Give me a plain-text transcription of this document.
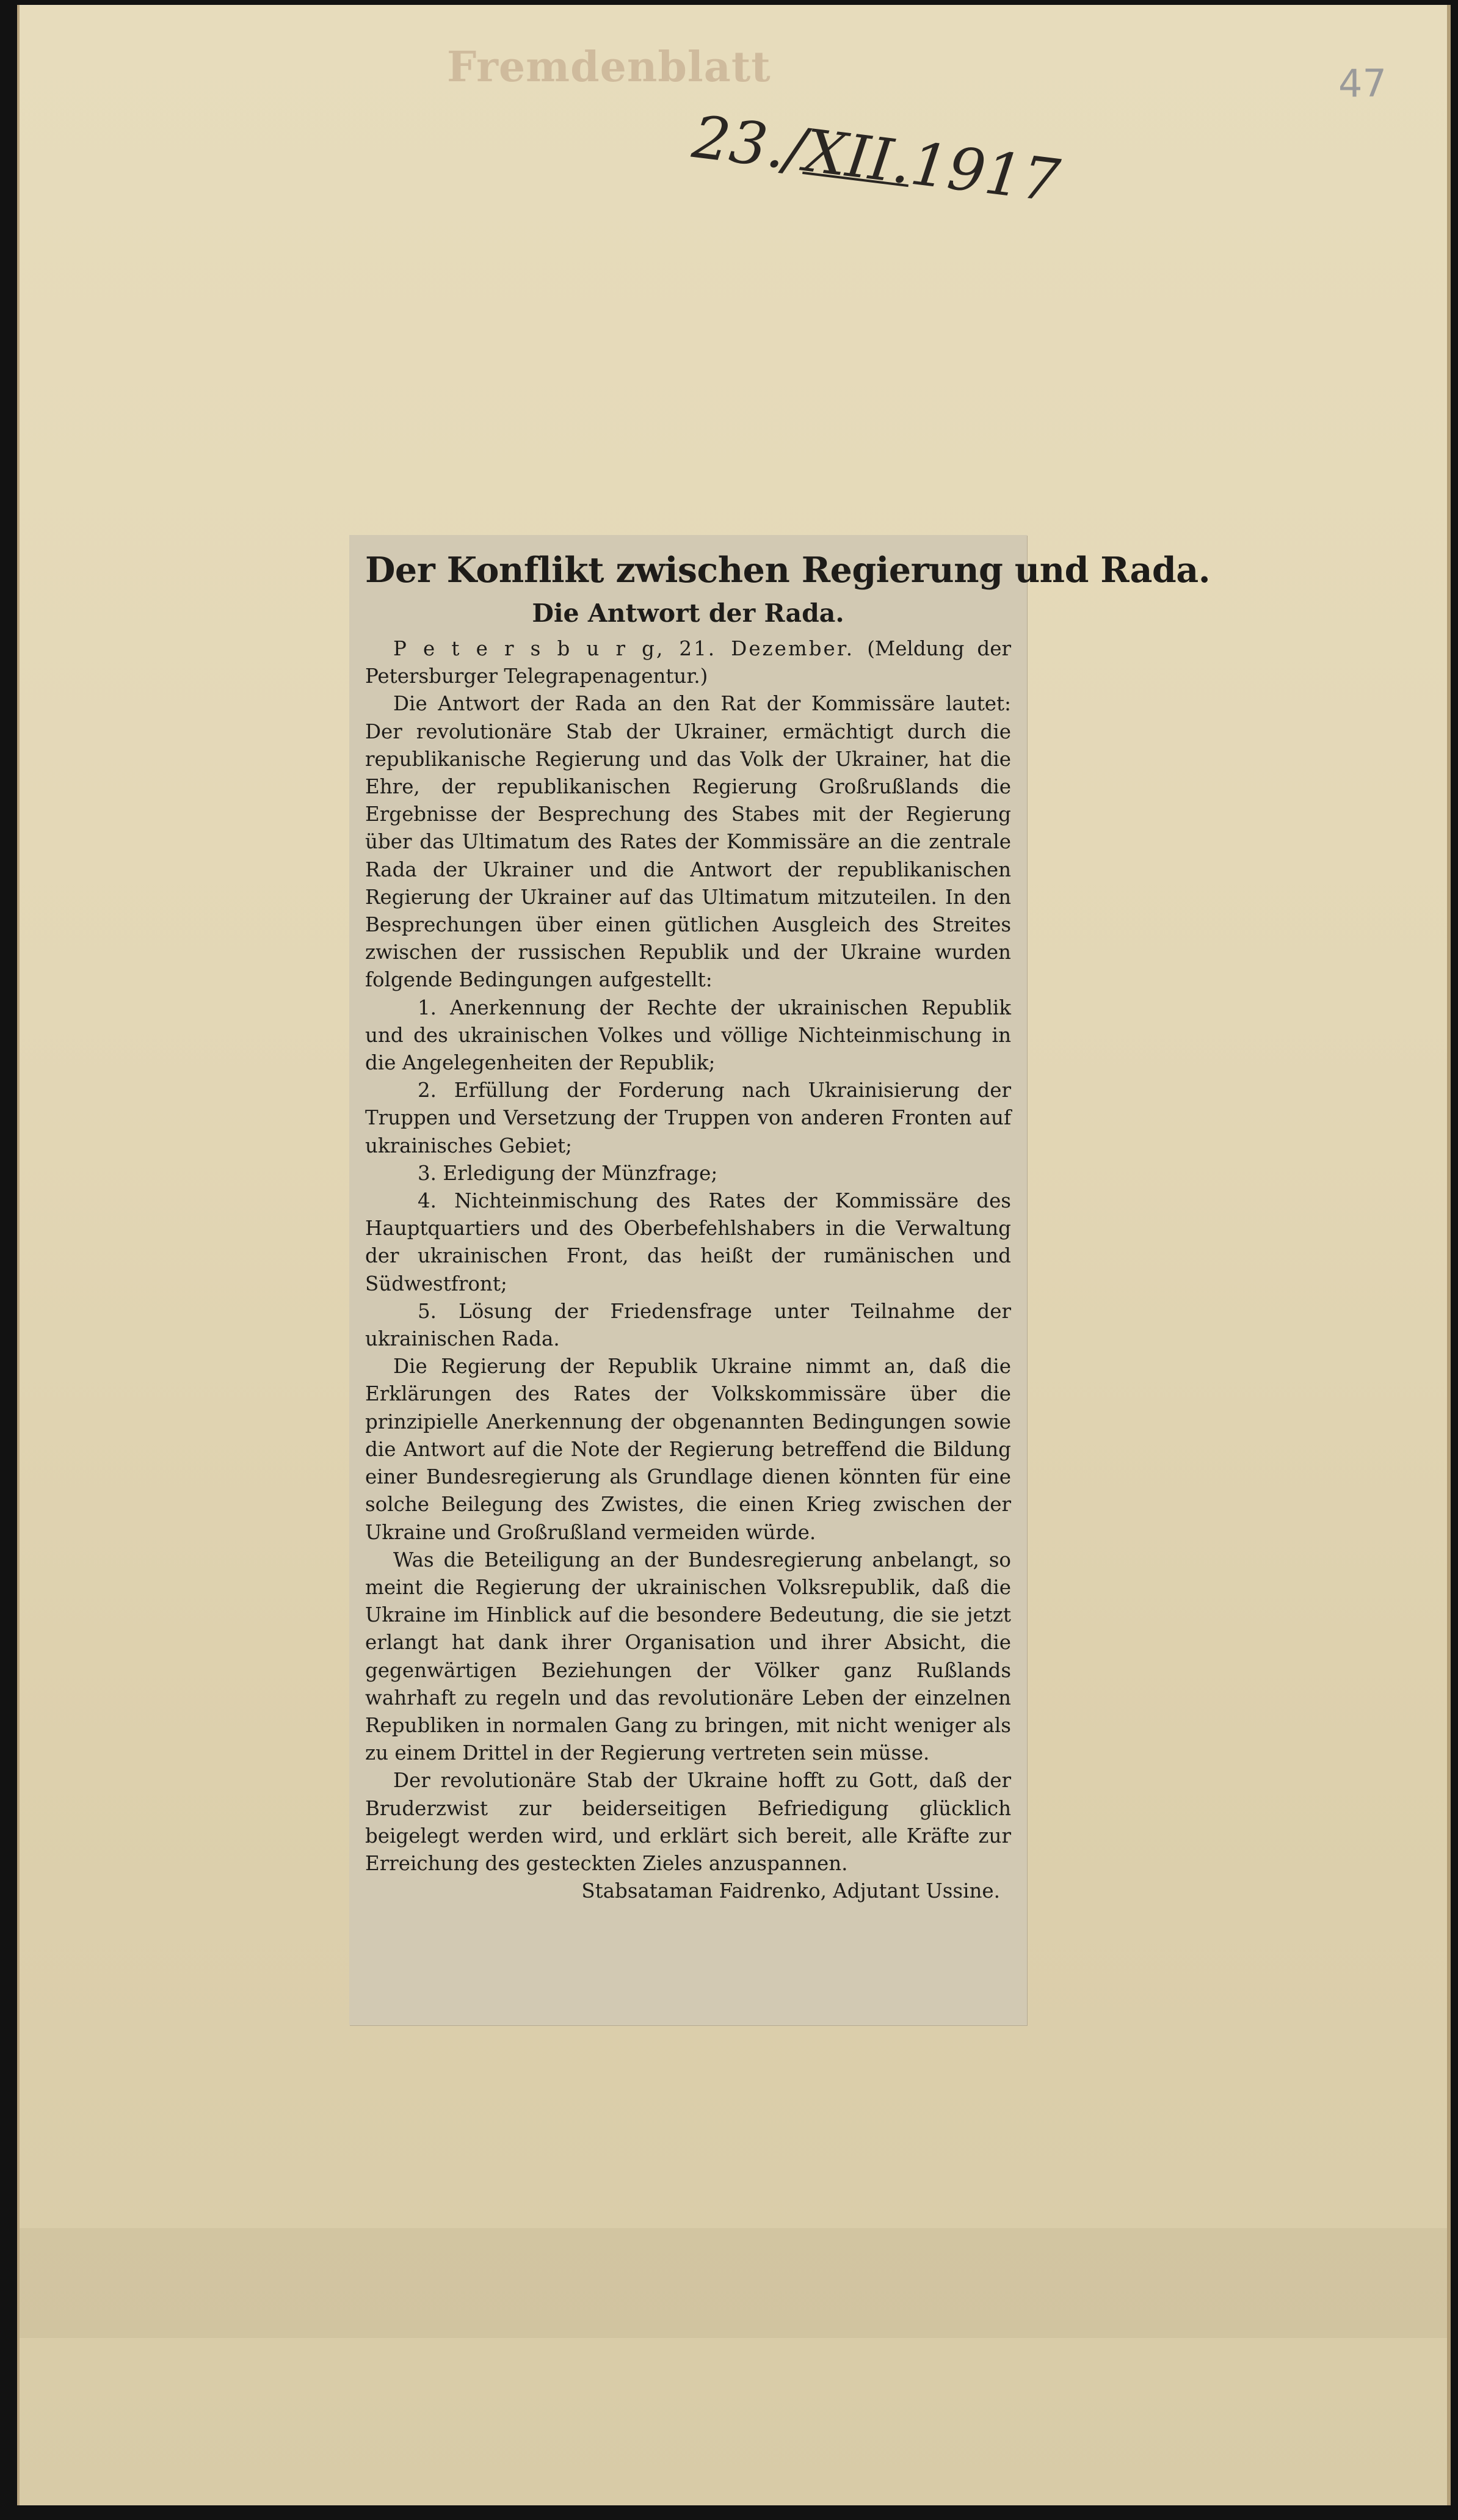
Fremdenblatt
23./XII.1917
47
Der Konflikt zwischen Regierung und Rada.
Die Antwort der Rada.

P e t e r s b u r g, 21. Dezember. (Meldung der Petersburger Telegrapenagentur.)

Die Antwort der Rada an den Rat der Kommissäre lautet: Der revolutionäre Stab der Ukrainer, ermächtigt durch die republikanische Regierung und das Volk der Ukrainer, hat die Ehre, der republikanischen Regierung Großrußlands die Ergebnisse der Besprechung des Stabes mit der Regierung über das Ultimatum des Rates der Kommissäre an die zentrale Rada der Ukrainer und die Antwort der republikanischen Regierung der Ukrainer auf das Ultimatum mitzuteilen. In den Besprechungen über einen gütlichen Ausgleich des Streites zwischen der russischen Republik und der Ukraine wurden folgende Bedingungen aufgestellt:

1. Anerkennung der Rechte der ukrainischen Republik und des ukrainischen Volkes und völlige Nichteinmischung in die Angelegenheiten der Republik;

2. Erfüllung der Forderung nach Ukrainisierung der Truppen und Versetzung der Truppen von anderen Fronten auf ukrainisches Gebiet;

3. Erledigung der Münzfrage;

4. Nichteinmischung des Rates der Kommissäre des Hauptquartiers und des Oberbefehlshabers in die Verwaltung der ukrainischen Front, das heißt der rumänischen und Südwestfront;

5. Lösung der Friedensfrage unter Teilnahme der ukrainischen Rada.

Die Regierung der Republik Ukraine nimmt an, daß die Erklärungen des Rates der Volkskommissäre über die prinzipielle Anerkennung der obgenannten Bedingungen sowie die Antwort auf die Note der Regierung betreffend die Bildung einer Bundesregierung als Grundlage dienen könnten für eine solche Beilegung des Zwistes, die einen Krieg zwischen der Ukraine und Großrußland vermeiden würde.

Was die Beteiligung an der Bundesregierung anbelangt, so meint die Regierung der ukrainischen Volksrepublik, daß die Ukraine im Hinblick auf die besondere Bedeutung, die sie jetzt erlangt hat dank ihrer Organisation und ihrer Absicht, die gegenwärtigen Beziehungen der Völker ganz Rußlands wahrhaft zu regeln und das revolutionäre Leben der einzelnen Republiken in normalen Gang zu bringen, mit nicht weniger als zu einem Drittel in der Regierung vertreten sein müsse.

Der revolutionäre Stab der Ukraine hofft zu Gott, daß der Bruderzwist zur beiderseitigen Befriedigung glücklich beigelegt werden wird, und erklärt sich bereit, alle Kräfte zur Erreichung des gesteckten Zieles anzuspannen.

Stabsataman Faidrenko, Adjutant Ussine.
